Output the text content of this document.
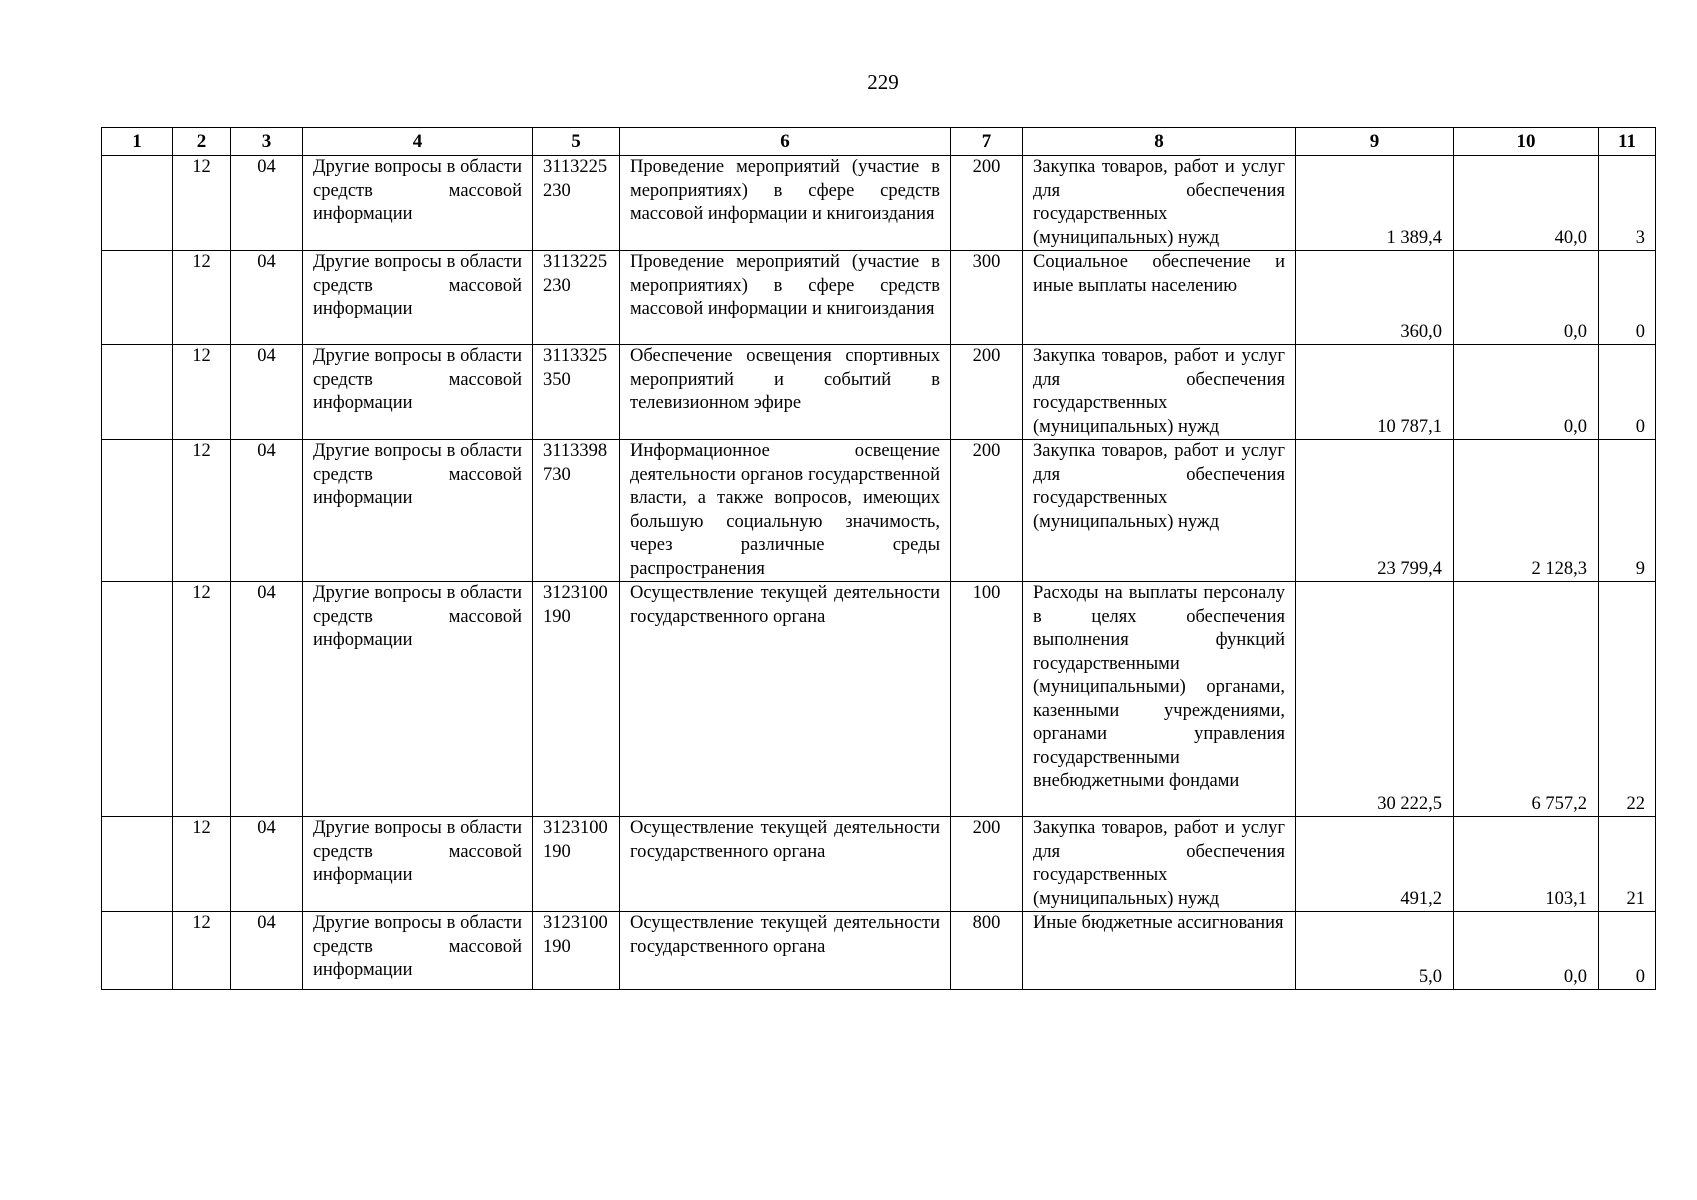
229
1	2	3	4	5	6	7	8	9	10	11
	12	04	Другие вопросы в области средств массовой информации	3113225230	Проведение мероприятий (участие в мероприятиях) в сфере средств массовой информации и книгоиздания	200	Закупка товаров, работ и услуг для обеспечения государственных (муниципальных) нужд	1 389,4	40,0	3
	12	04	Другие вопросы в области средств массовой информации	3113225230	Проведение мероприятий (участие в мероприятиях) в сфере средств массовой информации и книгоиздания	300	Социальное обеспечение и иные выплаты населению	360,0	0,0	0
	12	04	Другие вопросы в области средств массовой информации	3113325350	Обеспечение освещения спортивных мероприятий и событий в телевизионном эфире	200	Закупка товаров, работ и услуг для обеспечения государственных (муниципальных) нужд	10 787,1	0,0	0
	12	04	Другие вопросы в области средств массовой информации	3113398730	Информационное освещение деятельности органов государственной власти, а также вопросов, имеющих большую социальную значимость, через различные среды распространения	200	Закупка товаров, работ и услуг для обеспечения государственных (муниципальных) нужд	23 799,4	2 128,3	9
	12	04	Другие вопросы в области средств массовой информации	3123100190	Осуществление текущей деятельности государственного органа	100	Расходы на выплаты персоналу в целях обеспечения выполнения функций государственными (муниципальными) органами, казенными учреждениями, органами управления государственными внебюджетными фондами	30 222,5	6 757,2	22
	12	04	Другие вопросы в области средств массовой информации	3123100190	Осуществление текущей деятельности государственного органа	200	Закупка товаров, работ и услуг для обеспечения государственных (муниципальных) нужд	491,2	103,1	21
	12	04	Другие вопросы в области средств массовой информации	3123100190	Осуществление текущей деятельности государственного органа	800	Иные бюджетные ассигнования	5,0	0,0	0
